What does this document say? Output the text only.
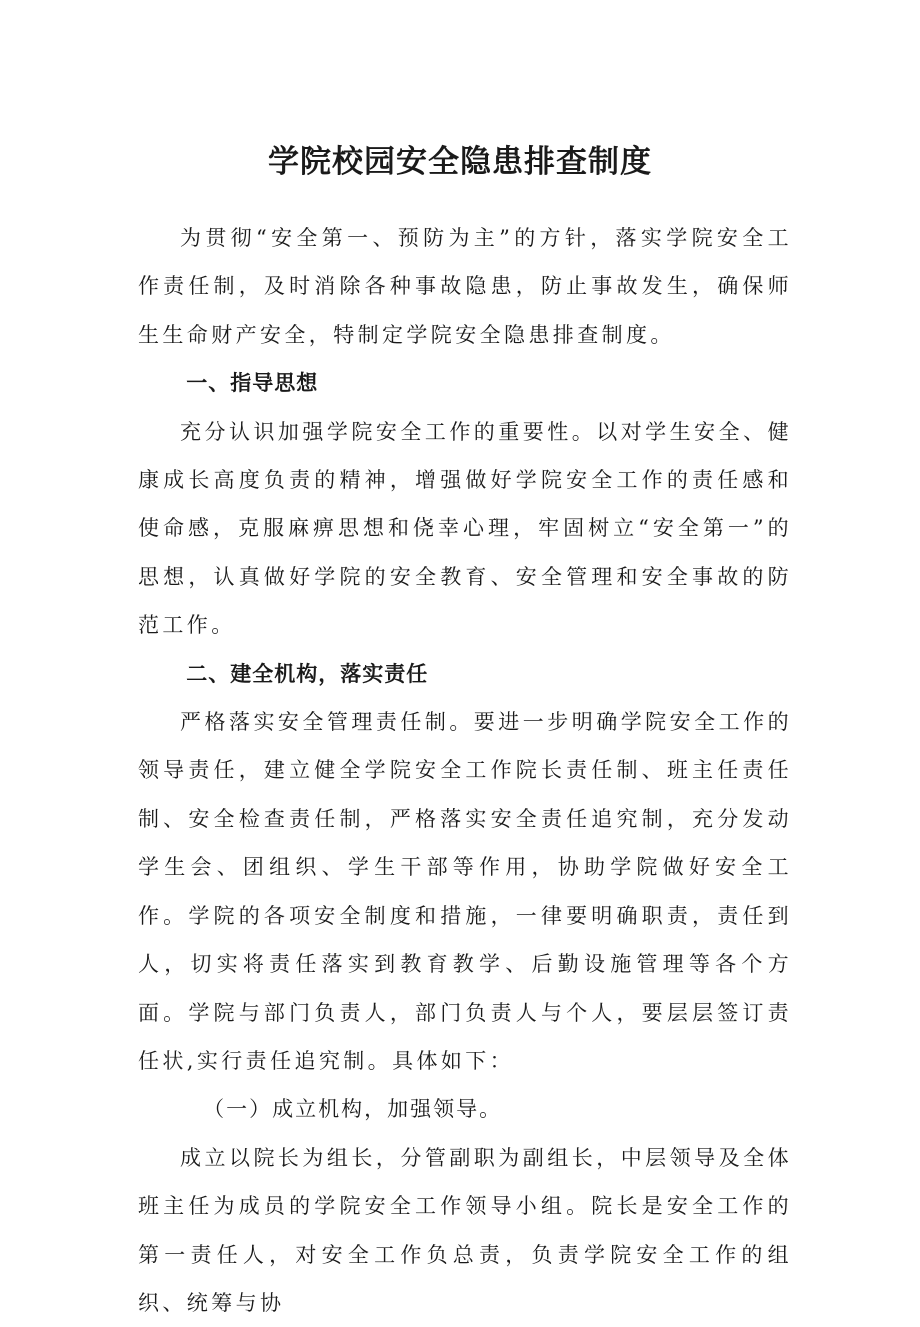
学院校园安全隐患排查制度

为贯彻“安全第一、预防为主”的方针，落实学院安全工作责任制，及时消除各种事故隐患，防止事故发生，确保师生生命财产安全，特制定学院安全隐患排查制度。

一、指导思想

充分认识加强学院安全工作的重要性。以对学生安全、健康成长高度负责的精神，增强做好学院安全工作的责任感和使命感，克服麻痹思想和侥幸心理，牢固树立“安全第一”的思想，认真做好学院的安全教育、安全管理和安全事故的防范工作。

二、建全机构，落实责任

严格落实安全管理责任制。要进一步明确学院安全工作的领导责任，建立健全学院安全工作院长责任制、班主任责任制、安全检查责任制，严格落实安全责任追究制，充分发动学生会、团组织、学生干部等作用，协助学院做好安全工作。学院的各项安全制度和措施，一律要明确职责，责任到人，切实将责任落实到教育教学、后勤设施管理等各个方面。学院与部门负责人，部门负责人与个人，要层层签订责任状,实行责任追究制。具体如下：

（一）成立机构，加强领导。

成立以院长为组长，分管副职为副组长，中层领导及全体班主任为成员的学院安全工作领导小组。院长是安全工作的第一责任人，对安全工作负总责，负责学院安全工作的组织、统筹与协
